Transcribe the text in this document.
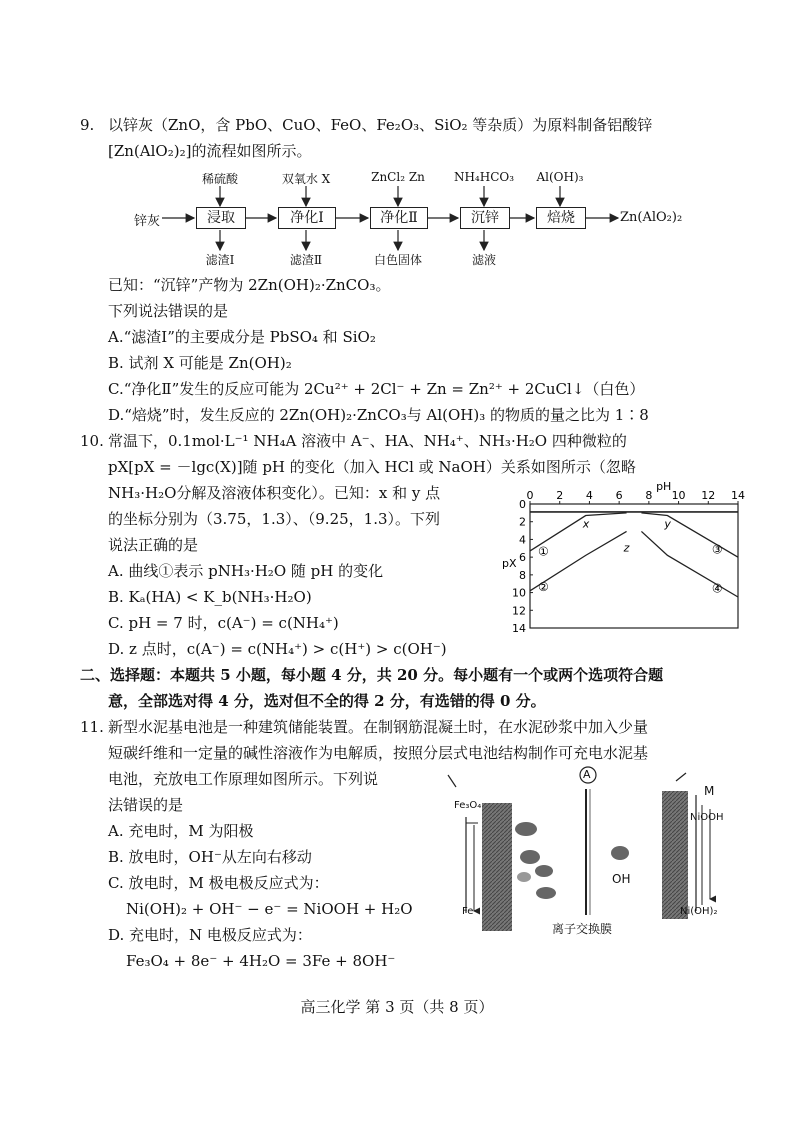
9. 以锌灰（ZnO，含 PbO、CuO、FeO、Fe₂O₃、SiO₂ 等杂质）为原料制备铝酸锌
[Zn(AlO₂)₂]的流程如图所示。
锌灰	Zn(AlO₂)₂
浸取	净化Ⅰ	净化Ⅱ	沉锌	焙烧
稀硫酸	双氧水 X	ZnCl₂ Zn	NH₄HCO₃	Al(OH)₃
滤渣Ⅰ	滤渣Ⅱ	白色固体	滤液
已知：“沉锌”产物为 2Zn(OH)₂·ZnCO₃。
下列说法错误的是
A.“滤渣Ⅰ”的主要成分是 PbSO₄ 和 SiO₂
B. 试剂 X 可能是 Zn(OH)₂
C.“净化Ⅱ”发生的反应可能为 2Cu²⁺ + 2Cl⁻ + Zn = Zn²⁺ + 2CuCl↓（白色）
D.“焙烧”时，发生反应的 2Zn(OH)₂·ZnCO₃与 Al(OH)₃ 的物质的量之比为 1∶8
10. 常温下，0.1mol·L⁻¹ NH₄A 溶液中 A⁻、HA、NH₄⁺、NH₃·H₂O 四种微粒的
pX[pX = －lgc(X)]随 pH 的变化（加入 HCl 或 NaOH）关系如图所示（忽略
NH₃·H₂O分解及溶液体积变化）。已知：x 和 y 点
的坐标分别为（3.75，1.3）、（9.25，1.3）。下列
说法正确的是
A. 曲线①表示 pNH₃·H₂O 随 pH 的变化
B. Kₐ(HA) < K_b(NH₃·H₂O)
C. pH = 7 时，c(A⁻) = c(NH₄⁺)
D. z 点时，c(A⁻) = c(NH₄⁺) > c(H⁺) > c(OH⁻)
0 2 4 6 8 10 12 14
0
2
4
6
8
10
12
14
pH
pX
①
②
③
④
x	y
z
二、选择题：本题共 5 小题，每小题 4 分，共 20 分。每小题有一个或两个选项符合题
意，全部选对得 4 分，选对但不全的得 2 分，有选错的得 0 分。
11. 新型水泥基电池是一种建筑储能装置。在制钢筋混凝土时，在水泥砂浆中加入少量
短碳纤维和一定量的碱性溶液作为电解质，按照分层式电池结构制作可充电水泥基
电池，充放电工作原理如图所示。下列说
法错误的是
A. 充电时，M 为阳极
B. 放电时，OH⁻从左向右移动
C. 放电时，M 极电极反应式为：
Ni(OH)₂ + OH⁻ − e⁻ = NiOOH + H₂O
D. 充电时，N 电极反应式为：
Fe₃O₄ + 8e⁻ + 4H₂O = 3Fe + 8OH⁻
A
M
Fe₃O₄
Fe
NiOOH
Ni(OH)₂
OH
离子交换膜
高三化学 第 3 页（共 8 页）
